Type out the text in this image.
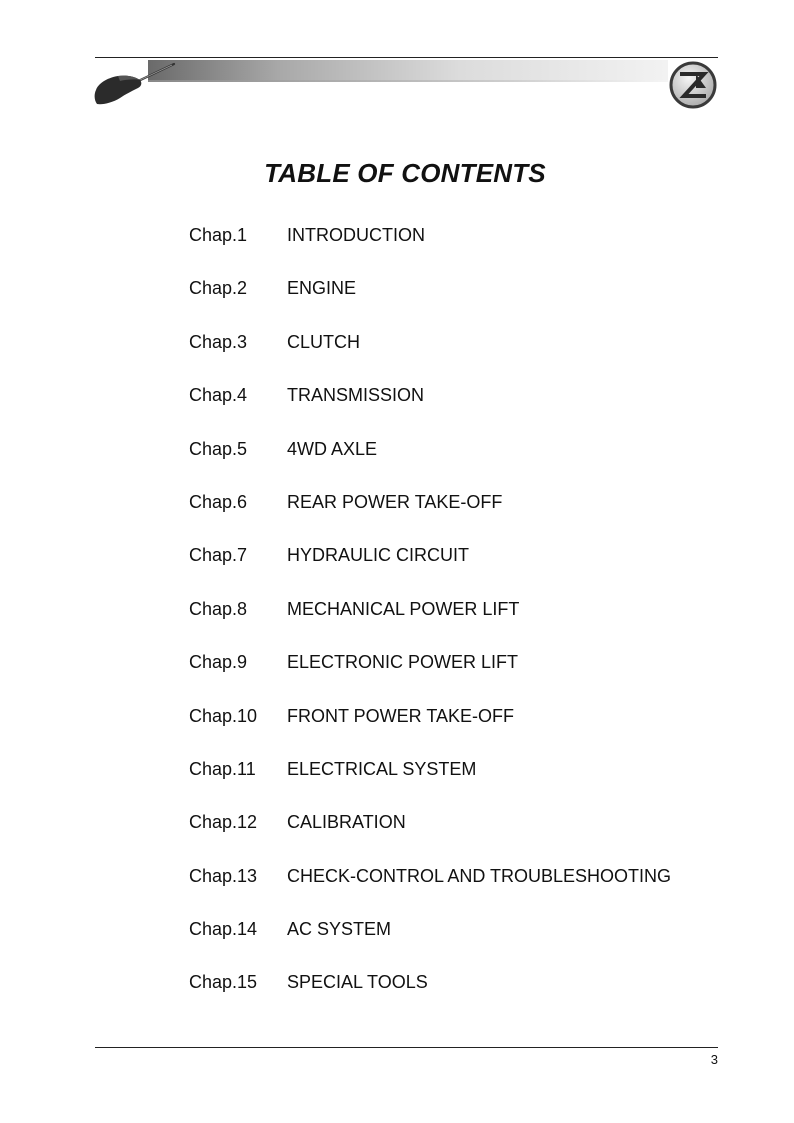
TABLE OF CONTENTS
Chap.1	INTRODUCTION
Chap.2	ENGINE
Chap.3	CLUTCH
Chap.4	TRANSMISSION
Chap.5	4WD AXLE
Chap.6	REAR POWER TAKE-OFF
Chap.7	HYDRAULIC CIRCUIT
Chap.8	MECHANICAL POWER LIFT
Chap.9	ELECTRONIC POWER LIFT
Chap.10	FRONT POWER TAKE-OFF
Chap.11	ELECTRICAL SYSTEM
Chap.12	CALIBRATION
Chap.13	CHECK-CONTROL AND TROUBLESHOOTING
Chap.14	AC SYSTEM
Chap.15	SPECIAL TOOLS
3
